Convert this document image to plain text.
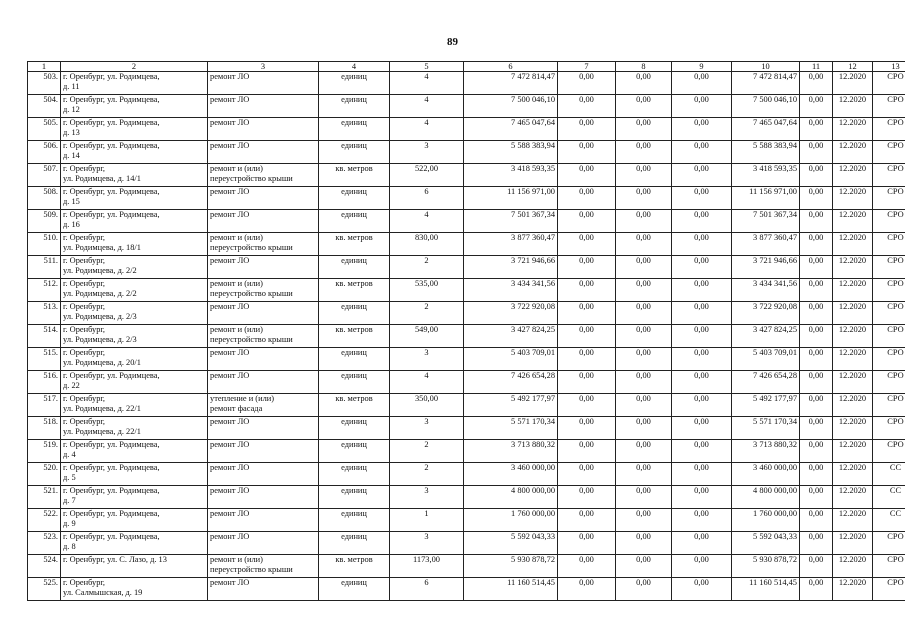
89
1	2	3	4	5	6	7	8	9	10	11	12	13
503.	г. Оренбург, ул. Родимцева,
д. 11	ремонт ЛО	единиц	4	7 472 814,47	0,00	0,00	0,00	7 472 814,47	0,00	12.2020	СРО
504.	г. Оренбург, ул. Родимцева,
д. 12	ремонт ЛО	единиц	4	7 500 046,10	0,00	0,00	0,00	7 500 046,10	0,00	12.2020	СРО
505.	г. Оренбург, ул. Родимцева,
д. 13	ремонт ЛО	единиц	4	7 465 047,64	0,00	0,00	0,00	7 465 047,64	0,00	12.2020	СРО
506.	г. Оренбург, ул. Родимцева,
д. 14	ремонт ЛО	единиц	3	5 588 383,94	0,00	0,00	0,00	5 588 383,94	0,00	12.2020	СРО
507.	г. Оренбург,
ул. Родимцева, д. 14/1	ремонт и (или)
переустройство крыши	кв. метров	522,00	3 418 593,35	0,00	0,00	0,00	3 418 593,35	0,00	12.2020	СРО
508.	г. Оренбург, ул. Родимцева,
д. 15	ремонт ЛО	единиц	6	11 156 971,00	0,00	0,00	0,00	11 156 971,00	0,00	12.2020	СРО
509.	г. Оренбург, ул. Родимцева,
д. 16	ремонт ЛО	единиц	4	7 501 367,34	0,00	0,00	0,00	7 501 367,34	0,00	12.2020	СРО
510.	г. Оренбург,
ул. Родимцева, д. 18/1	ремонт и (или)
переустройство крыши	кв. метров	830,00	3 877 360,47	0,00	0,00	0,00	3 877 360,47	0,00	12.2020	СРО
511.	г. Оренбург,
ул. Родимцева, д. 2/2	ремонт ЛО	единиц	2	3 721 946,66	0,00	0,00	0,00	3 721 946,66	0,00	12.2020	СРО
512.	г. Оренбург,
ул. Родимцева, д. 2/2	ремонт и (или)
переустройство крыши	кв. метров	535,00	3 434 341,56	0,00	0,00	0,00	3 434 341,56	0,00	12.2020	СРО
513.	г. Оренбург,
ул. Родимцева, д. 2/3	ремонт ЛО	единиц	2	3 722 920,08	0,00	0,00	0,00	3 722 920,08	0,00	12.2020	СРО
514.	г. Оренбург,
ул. Родимцева, д. 2/3	ремонт и (или)
переустройство крыши	кв. метров	549,00	3 427 824,25	0,00	0,00	0,00	3 427 824,25	0,00	12.2020	СРО
515.	г. Оренбург,
ул. Родимцева, д. 20/1	ремонт ЛО	единиц	3	5 403 709,01	0,00	0,00	0,00	5 403 709,01	0,00	12.2020	СРО
516.	г. Оренбург, ул. Родимцева,
д. 22	ремонт ЛО	единиц	4	7 426 654,28	0,00	0,00	0,00	7 426 654,28	0,00	12.2020	СРО
517.	г. Оренбург,
ул. Родимцева, д. 22/1	утепление и (или)
ремонт фасада	кв. метров	350,00	5 492 177,97	0,00	0,00	0,00	5 492 177,97	0,00	12.2020	СРО
518.	г. Оренбург,
ул. Родимцева, д. 22/1	ремонт ЛО	единиц	3	5 571 170,34	0,00	0,00	0,00	5 571 170,34	0,00	12.2020	СРО
519.	г. Оренбург, ул. Родимцева,
д. 4	ремонт ЛО	единиц	2	3 713 880,32	0,00	0,00	0,00	3 713 880,32	0,00	12.2020	СРО
520.	г. Оренбург, ул. Родимцева,
д. 5	ремонт ЛО	единиц	2	3 460 000,00	0,00	0,00	0,00	3 460 000,00	0,00	12.2020	СС
521.	г. Оренбург, ул. Родимцева,
д. 7	ремонт ЛО	единиц	3	4 800 000,00	0,00	0,00	0,00	4 800 000,00	0,00	12.2020	СС
522.	г. Оренбург, ул. Родимцева,
д. 9	ремонт ЛО	единиц	1	1 760 000,00	0,00	0,00	0,00	1 760 000,00	0,00	12.2020	СС
523.	г. Оренбург, ул. Родимцева,
д. 8	ремонт ЛО	единиц	3	5 592 043,33	0,00	0,00	0,00	5 592 043,33	0,00	12.2020	СРО
524.	г. Оренбург, ул. С. Лазо, д. 13	ремонт и (или)
переустройство крыши	кв. метров	1173,00	5 930 878,72	0,00	0,00	0,00	5 930 878,72	0,00	12.2020	СРО
525.	г. Оренбург,
ул. Салмышская, д. 19	ремонт ЛО	единиц	6	11 160 514,45	0,00	0,00	0,00	11 160 514,45	0,00	12.2020	СРО
